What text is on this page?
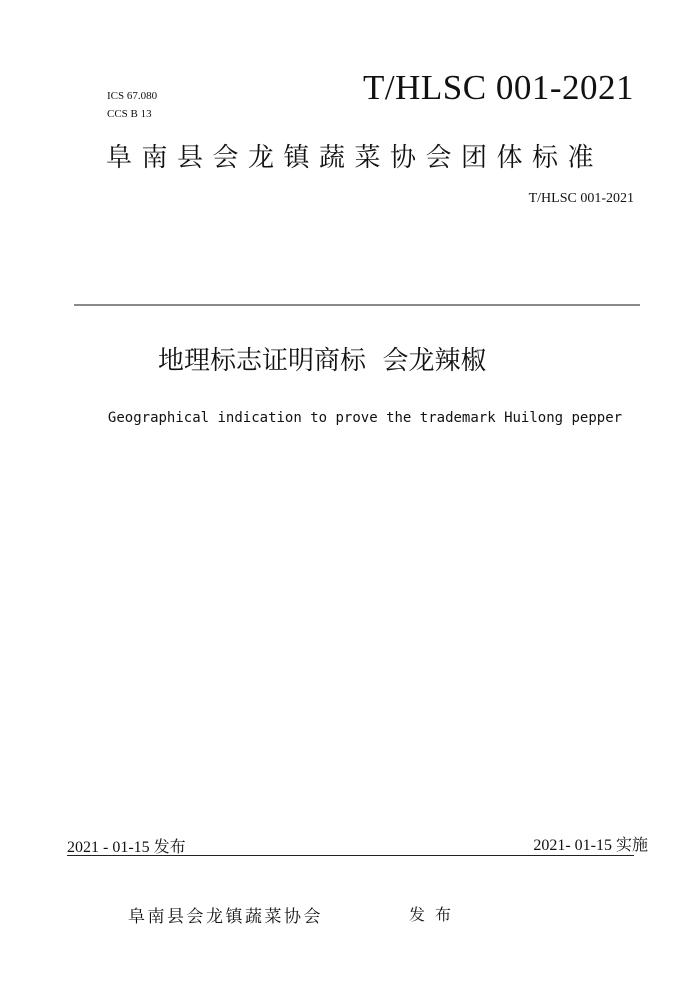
ICS 67.080
CCS B 13
T/HLSC 001-2021
阜南县会龙镇蔬菜协会团体标准
T/HLSC 001-2021
地理标志证明商标  会龙辣椒
Geographical indication to prove the trademark Huilong pepper
2021 - 01-15 发布	2021- 01-15 实施
阜南县会龙镇蔬菜协会	发布
